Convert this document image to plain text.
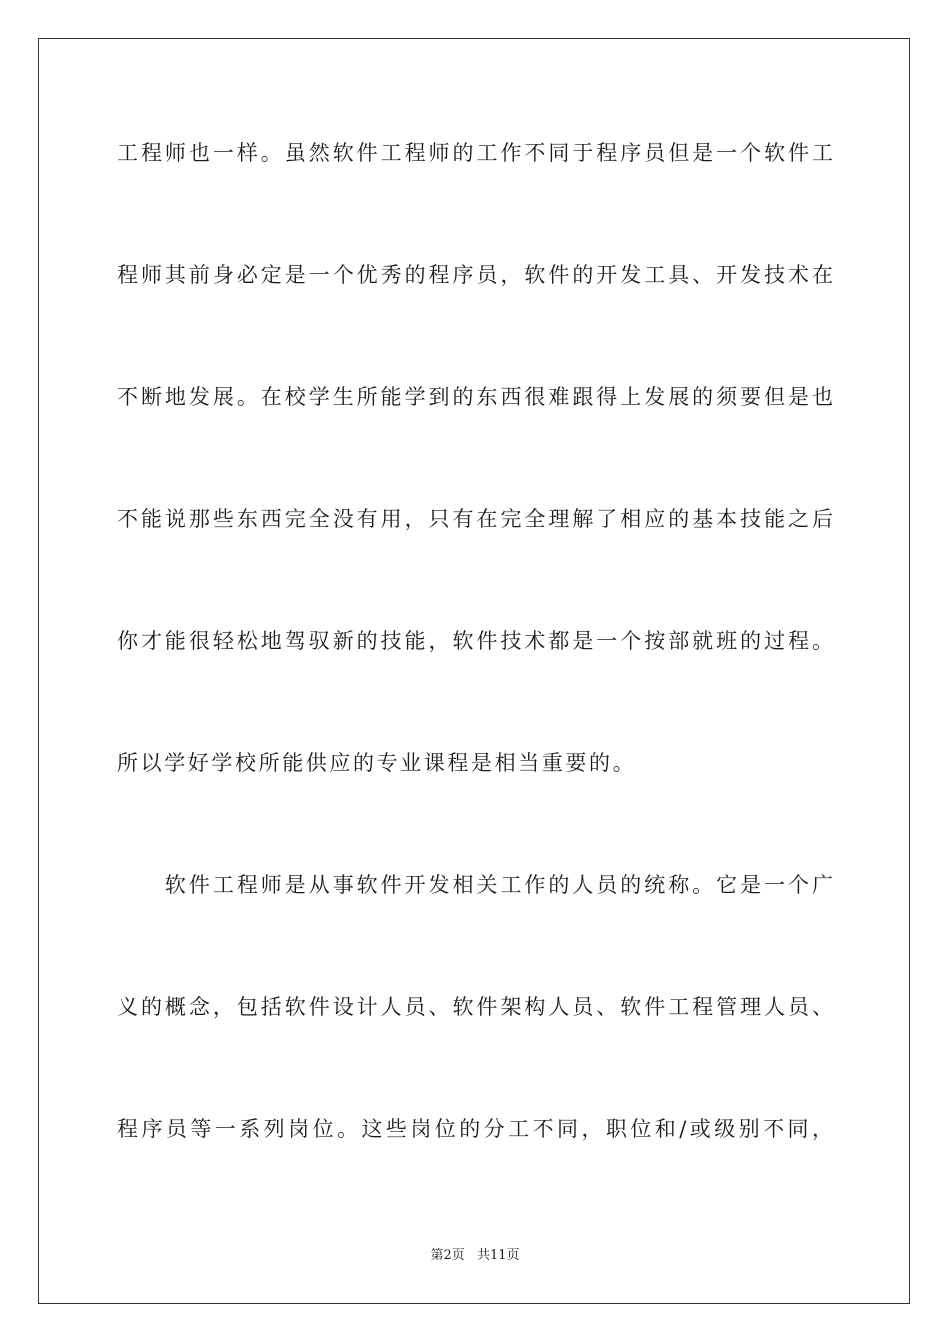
工程师也一样。虽然软件工程师的工作不同于程序员但是一个软件工
程师其前身必定是一个优秀的程序员，软件的开发工具、开发技术在
不断地发展。在校学生所能学到的东西很难跟得上发展的须要但是也
不能说那些东西完全没有用，只有在完全理解了相应的基本技能之后
你才能很轻松地驾驭新的技能，软件技术都是一个按部就班的过程。
所以学好学校所能供应的专业课程是相当重要的。
　　软件工程师是从事软件开发相关工作的人员的统称。它是一个广
义的概念，包括软件设计人员、软件架构人员、软件工程管理人员、
程序员等一系列岗位。这些岗位的分工不同，职位和/或级别不同，
第2页 共11页
